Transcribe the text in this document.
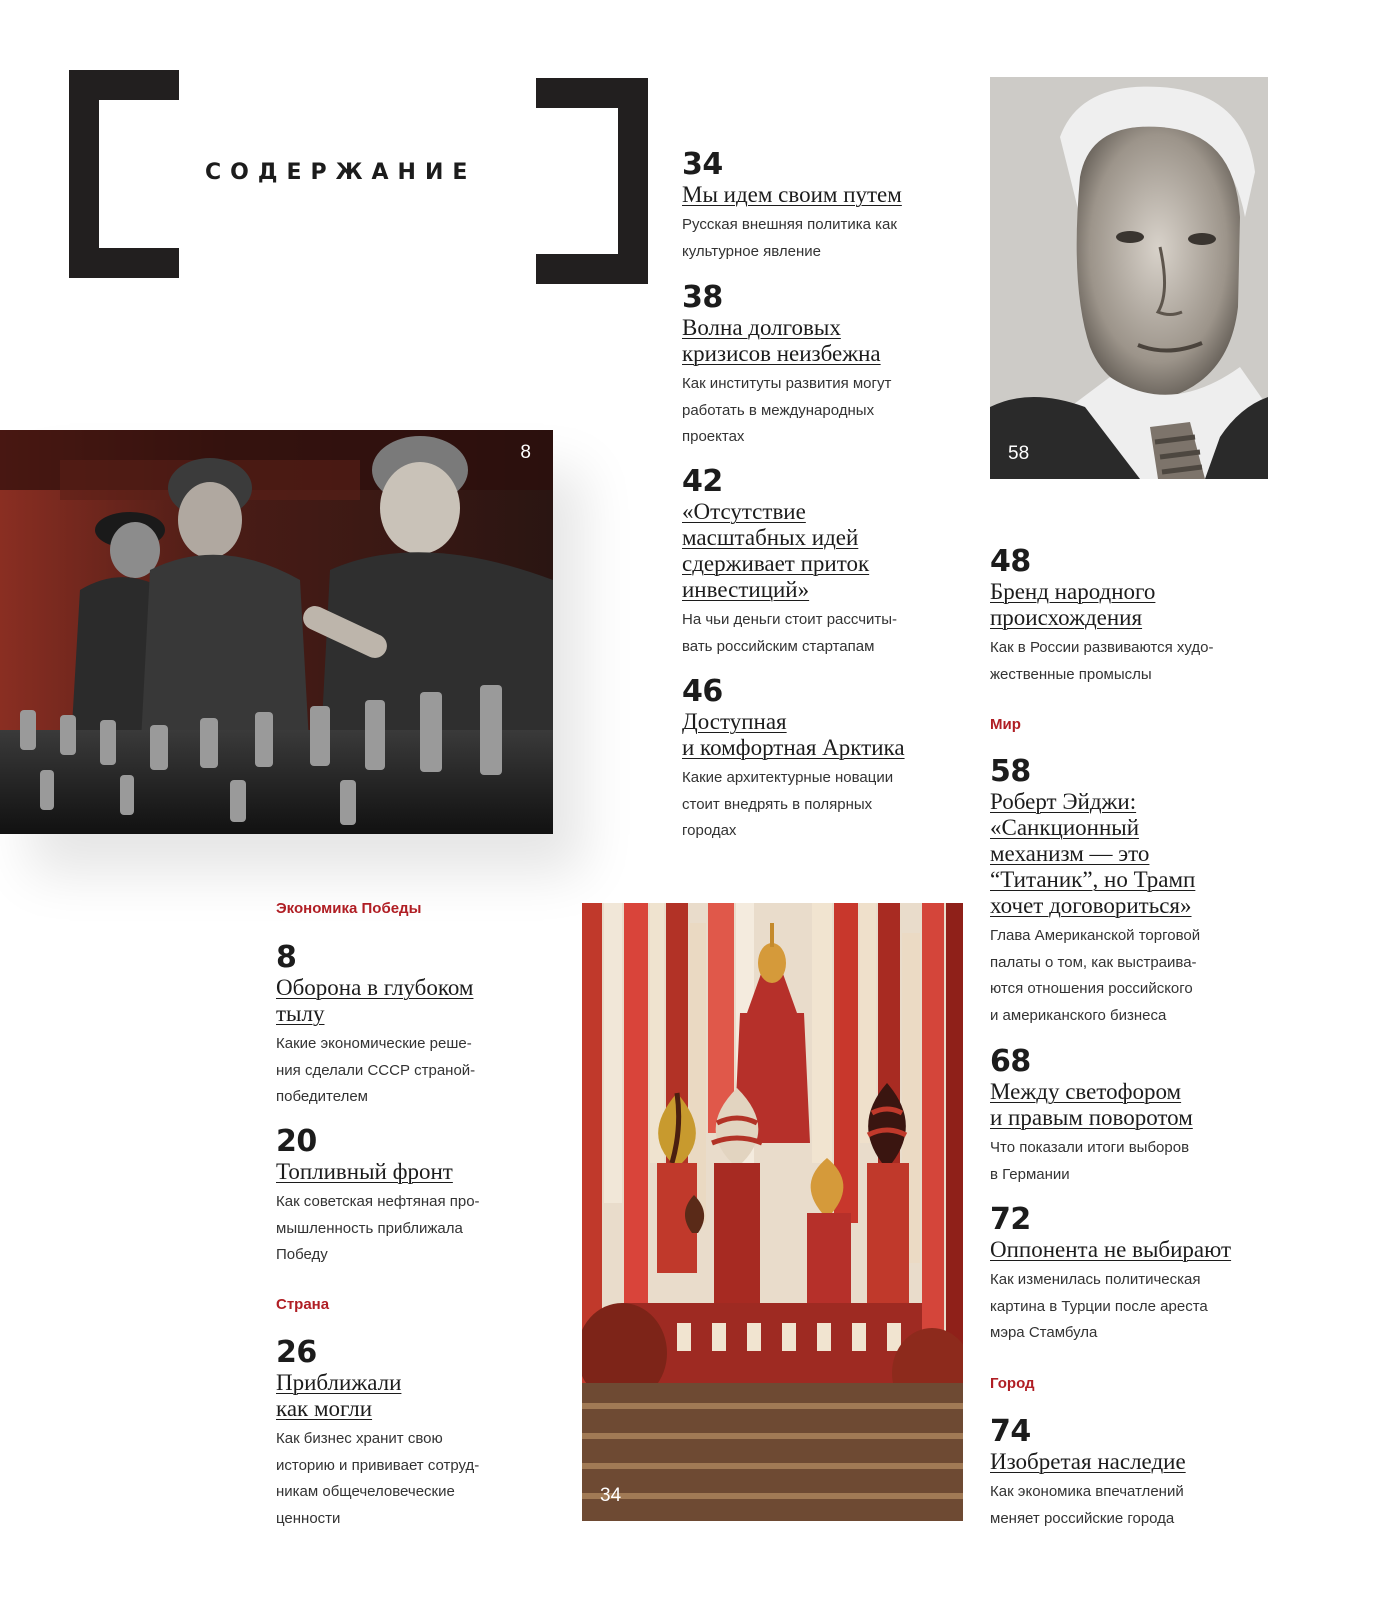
СОДЕРЖАНИЕ
8	58
34
34
Мы идем своим путем
Русская внешняя политика как
культурное явление
38
Волна долговых
кризисов неизбежна
Как институты развития могут
работать в международных
проектах
42
«Отсутствие
масштабных идей
сдерживает приток
инвестиций»
На чьи деньги стоит рассчиты-
вать российским стартапам
46
Доступная
и комфортная Арктика
Какие архитектурные новации
стоит внедрять в полярных
городах
48
Бренд народного
происхождения
Как в России развиваются худо-
жественные промыслы
Мир
58
Роберт Эйджи:
«Санкционный
механизм — это
“Титаник”, но Трамп
хочет договориться»
Глава Американской торговой
палаты о том, как выстраива-
ются отношения российского
и американского бизнеса
68
Между светофором
и правым поворотом
Что показали итоги выборов
в Германии
72
Оппонента не выбирают
Как изменилась политическая
картина в Турции после ареста
мэра Стамбула
Город
74
Изобретая наследие
Как экономика впечатлений
меняет российские города
Экономика Победы
8
Оборона в глубоком
тылу
Какие экономические реше-
ния сделали СССР страной-
победителем
20
Топливный фронт
Как советская нефтяная про-
мышленность приближала
Победу
Страна
26
Приближали
как могли
Как бизнес хранит свою
историю и прививает сотруд-
никам общечеловеческие
ценности
